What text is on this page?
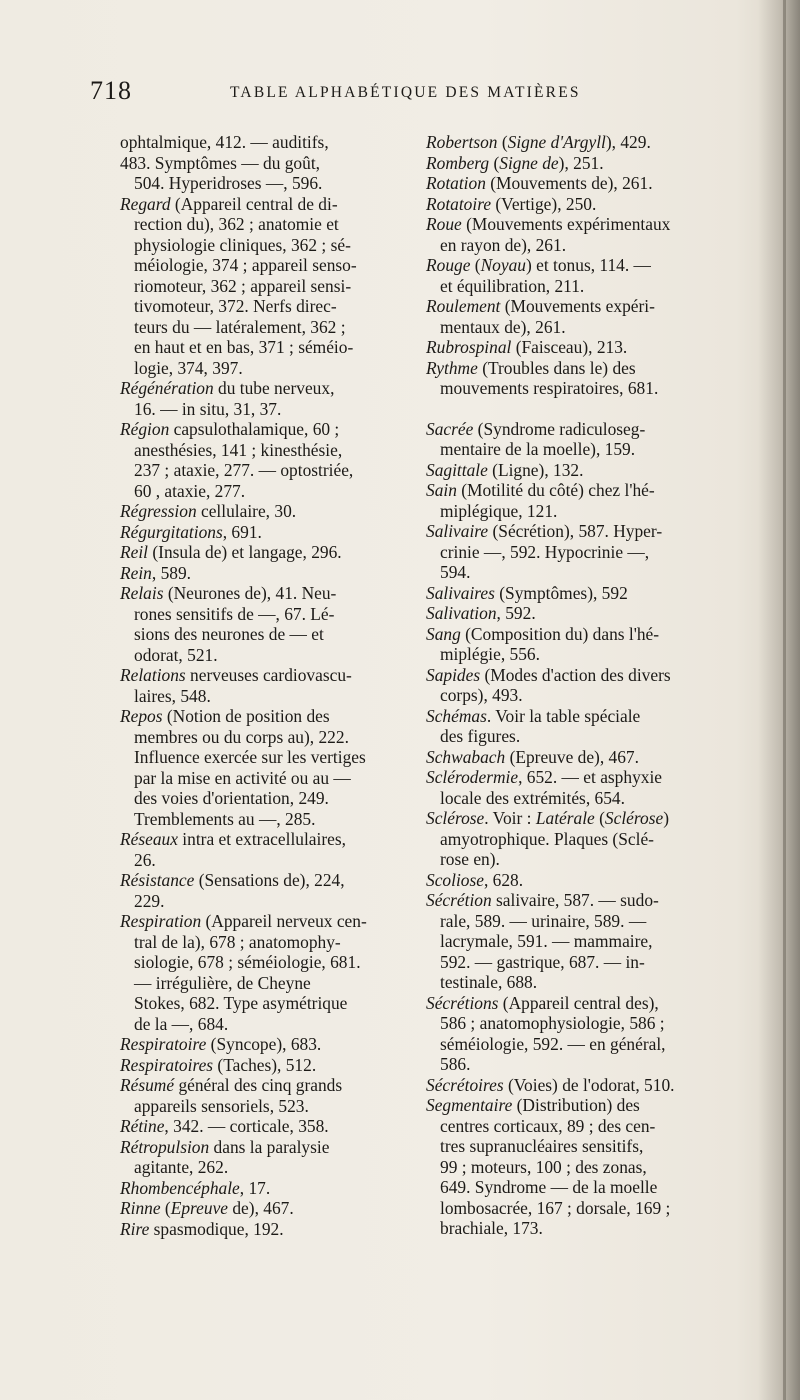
718	TABLE ALPHABÉTIQUE DES MATIÈRES
ophtalmique, 412. — auditifs,
483. Symptômes — du goût,
504. Hyperidroses —, 596.
Regard (Appareil central de di-
rection du), 362 ; anatomie et
physiologie cliniques, 362 ; sé-
méiologie, 374 ; appareil senso-
riomoteur, 362 ; appareil sensi-
tivomoteur, 372. Nerfs direc-
teurs du — latéralement, 362 ;
en haut et en bas, 371 ; séméio-
logie, 374, 397.
Régénération du tube nerveux,
16. — in situ, 31, 37.
Région capsulothalamique, 60 ;
anesthésies, 141 ; kinesthésie,
237 ; ataxie, 277. — optostriée,
60 , ataxie, 277.
Régression cellulaire, 30.
Régurgitations, 691.
Reil (Insula de) et langage, 296.
Rein, 589.
Relais (Neurones de), 41. Neu-
rones sensitifs de —, 67. Lé-
sions des neurones de — et
odorat, 521.
Relations nerveuses cardiovascu-
laires, 548.
Repos (Notion de position des
membres ou du corps au), 222.
Influence exercée sur les vertiges
par la mise en activité ou au —
des voies d'orientation, 249.
Tremblements au —, 285.
Réseaux intra et extracellulaires,
26.
Résistance (Sensations de), 224,
229.
Respiration (Appareil nerveux cen-
tral de la), 678 ; anatomophy-
siologie, 678 ; séméiologie, 681.
— irrégulière, de Cheyne
Stokes, 682. Type asymétrique
de la —, 684.
Respiratoire (Syncope), 683.
Respiratoires (Taches), 512.
Résumé général des cinq grands
appareils sensoriels, 523.
Rétine, 342. — corticale, 358.
Rétropulsion dans la paralysie
agitante, 262.
Rhombencéphale, 17.
Rinne (Epreuve de), 467.
Rire spasmodique, 192.
Robertson (Signe d'Argyll), 429.
Romberg (Signe de), 251.
Rotation (Mouvements de), 261.
Rotatoire (Vertige), 250.
Roue (Mouvements expérimentaux
en rayon de), 261.
Rouge (Noyau) et tonus, 114. —
et équilibration, 211.
Roulement (Mouvements expéri-
mentaux de), 261.
Rubrospinal (Faisceau), 213.
Rythme (Troubles dans le) des
mouvements respiratoires, 681.
Sacrée (Syndrome radiculoseg-
mentaire de la moelle), 159.
Sagittale (Ligne), 132.
Sain (Motilité du côté) chez l'hé-
miplégique, 121.
Salivaire (Sécrétion), 587. Hyper-
crinie —, 592. Hypocrinie —,
594.
Salivaires (Symptômes), 592
Salivation, 592.
Sang (Composition du) dans l'hé-
miplégie, 556.
Sapides (Modes d'action des divers
corps), 493.
Schémas. Voir la table spéciale
des figures.
Schwabach (Epreuve de), 467.
Sclérodermie, 652. — et asphyxie
locale des extrémités, 654.
Sclérose. Voir : Latérale (Sclérose)
amyotrophique. Plaques (Sclé-
rose en).
Scoliose, 628.
Sécrétion salivaire, 587. — sudo-
rale, 589. — urinaire, 589. —
lacrymale, 591. — mammaire,
592. — gastrique, 687. — in-
testinale, 688.
Sécrétions (Appareil central des),
586 ; anatomophysiologie, 586 ;
séméiologie, 592. — en général,
586.
Sécrétoires (Voies) de l'odorat, 510.
Segmentaire (Distribution) des
centres corticaux, 89 ; des cen-
tres supranucléaires sensitifs,
99 ; moteurs, 100 ; des zonas,
649. Syndrome — de la moelle
lombosacrée, 167 ; dorsale, 169 ;
brachiale, 173.
